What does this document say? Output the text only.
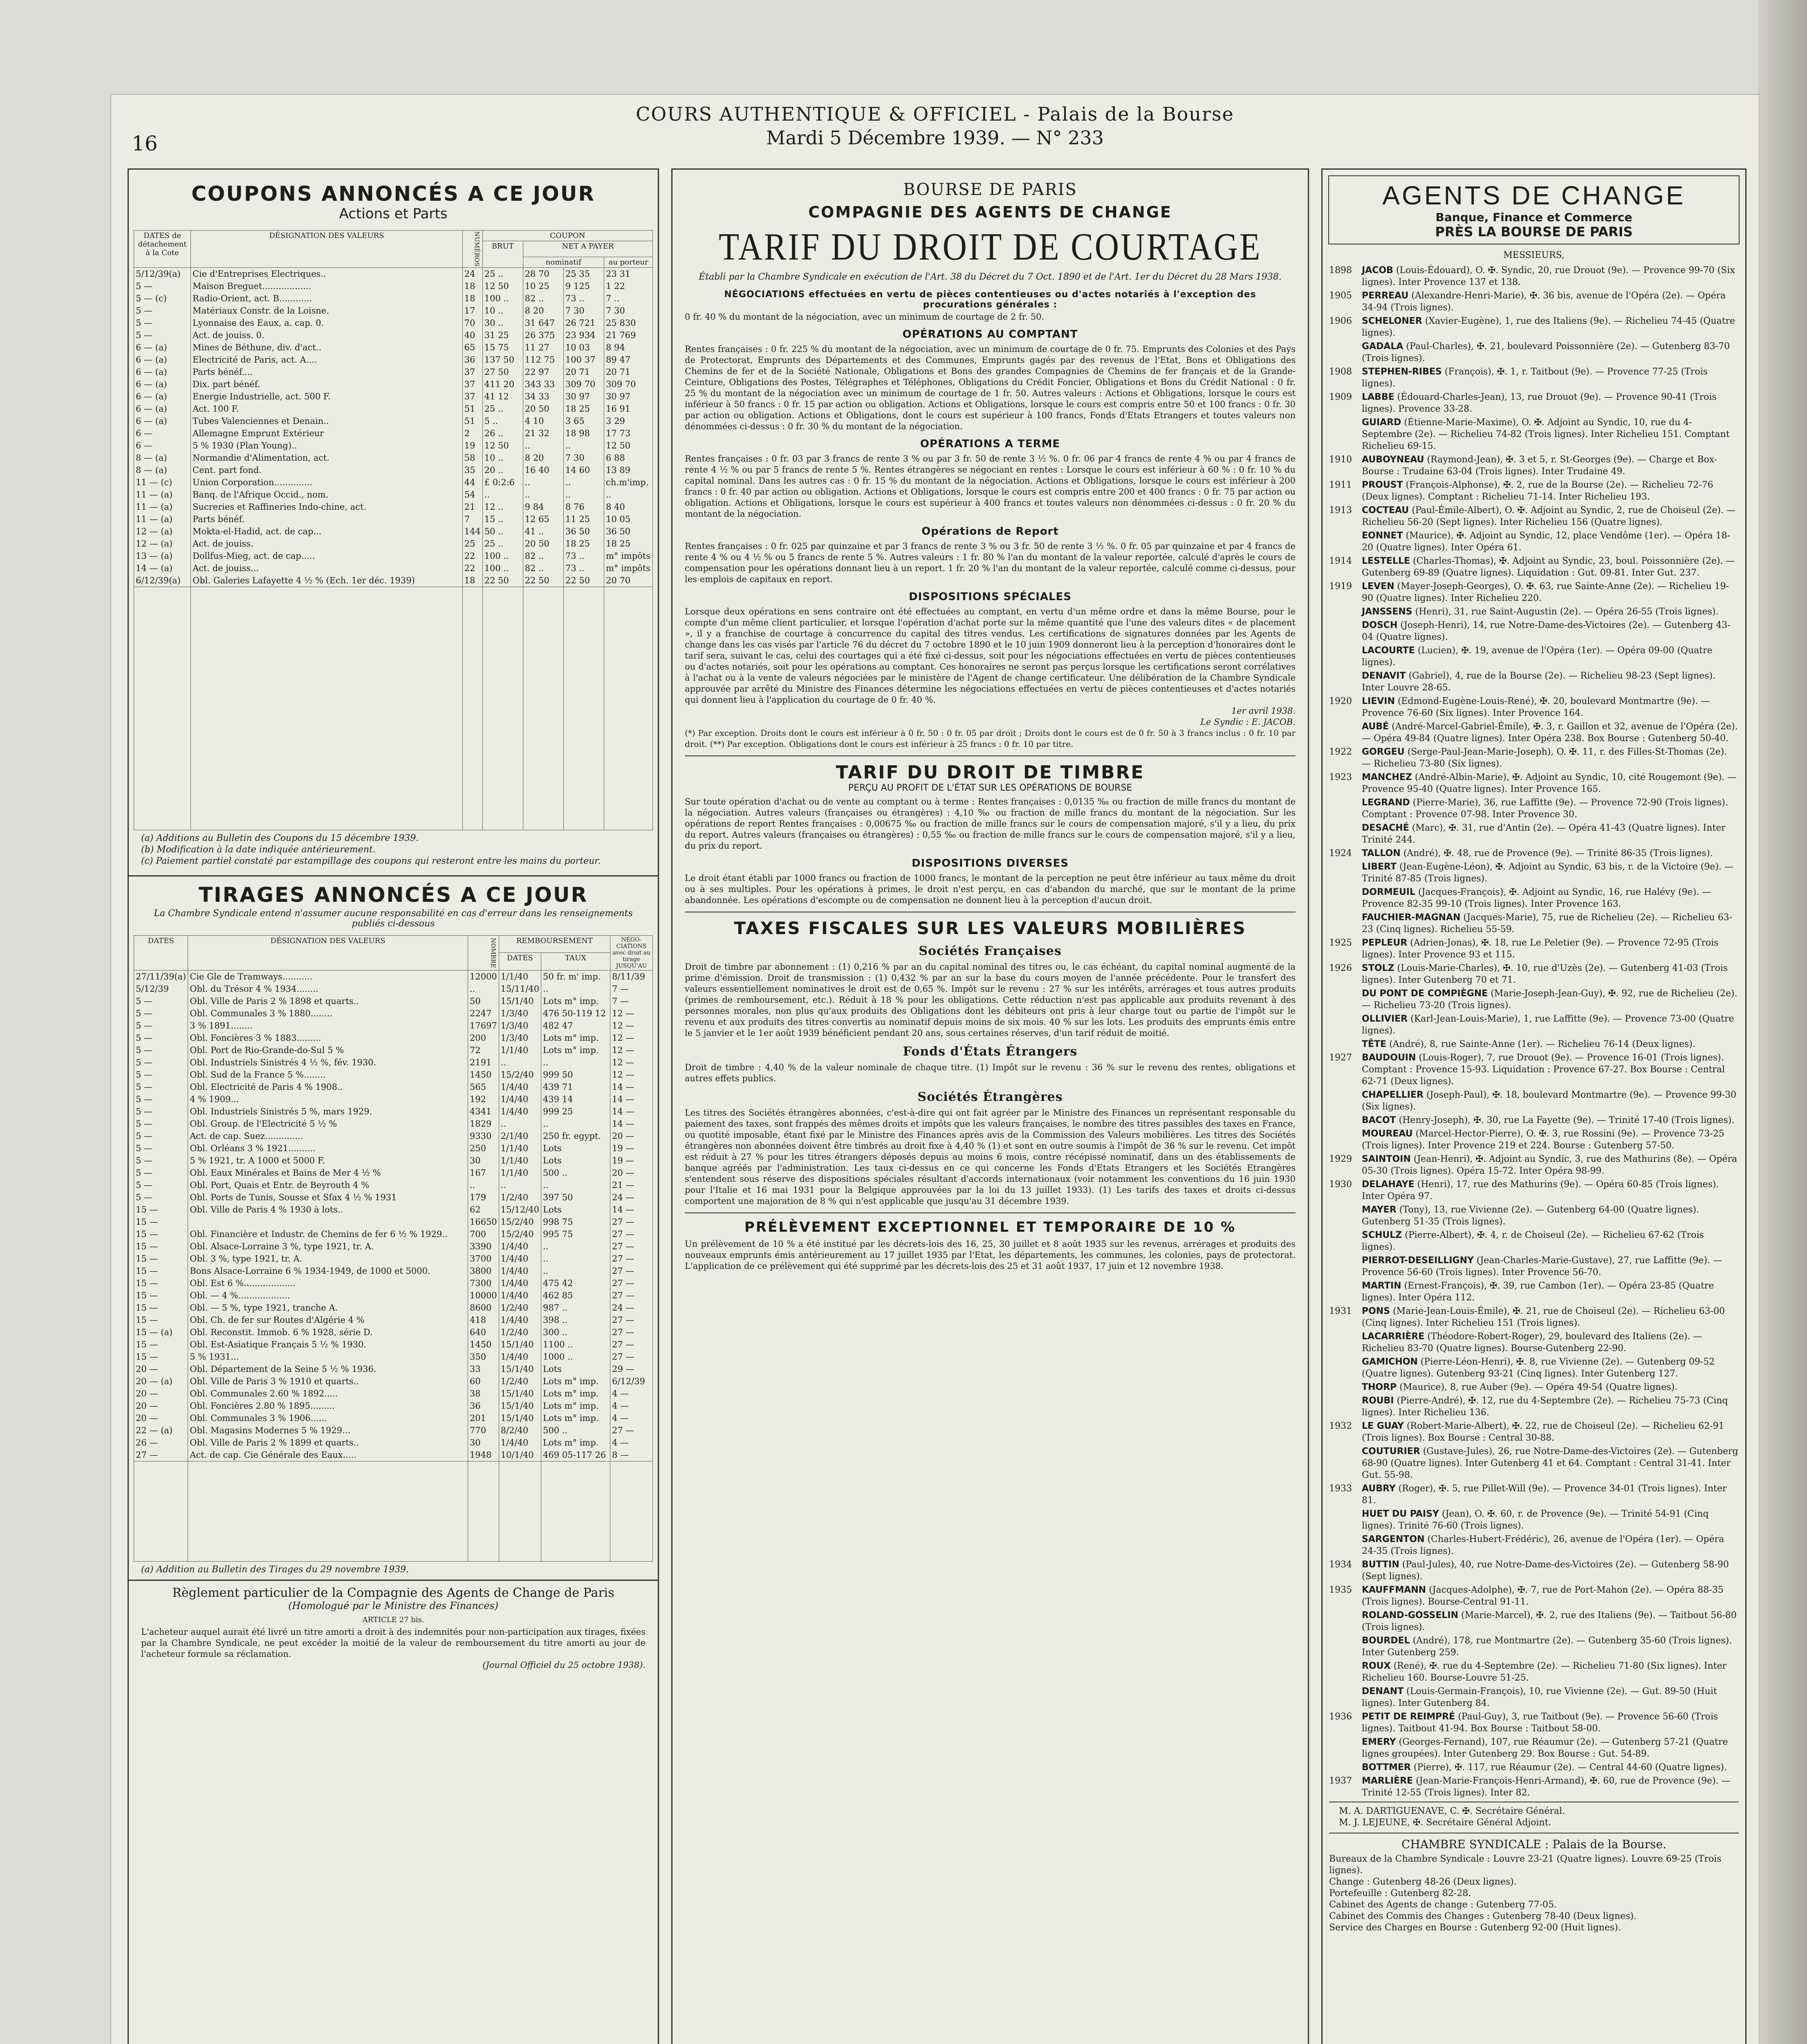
16
COURS AUTHENTIQUE & OFFICIEL - Palais de la Bourse
Mardi 5 Décembre 1939. — N° 233
COUPONS ANNONCÉS A CE JOUR
Actions et Parts
DATES de détachement à la Cote	DÉSIGNATION DES VALEURS	NUMÉROS	COUPON			
			BRUT	NET A PAYER		
				nominatif		au porteur
5/12/39(a)	Cie d'Entreprises Electriques..	24	25 ..	28 70	25 35	23 31
5 —	Maison Breguet..................	18	12 50	10 25	9 125	1 22
5 — (c)	Radio-Orient, act. B............	18	100 ..	82 ..	73 ..	7 ..
5 —	Matériaux Constr. de la Loisne.	17	10 ..	8 20	7 30	7 30
5 —	Lyonnaise des Eaux, a. cap. 0.	70	30 ..	31 647	26 721	25 830
5 —	Act. de jouiss. 0.	40	31 25	26 375	23 934	21 769
6 — (a)	Mines de Béthune, div. d'act..	65	15 75	11 27	10 03	8 94
6 — (a)	Electricité de Paris, act. A....	36	137 50	112 75	100 37	89 47
6 — (a)	Parts bénéf....	37	27 50	22 97	20 71	20 71
6 — (a)	Dix. part bénéf.	37	411 20	343 33	309 70	309 70
6 — (a)	Energie Industrielle, act. 500 F.	37	41 12	34 33	30 97	30 97
6 — (a)	Act. 100 F.	51	25 ..	20 50	18 25	16 91
6 — (a)	Tubes Valenciennes et Denain..	51	5 ..	4 10	3 65	3 29
6 —	Allemagne Emprunt Extérieur	2	26 ..	21 32	18 98	17 73
6 —	5 % 1930 (Plan Young)..	19	12 50	..	..	12 50
8 — (a)	Normandie d'Alimentation, act.	58	10 ..	8 20	7 30	6 88
8 — (a)	Cent. part fond.	35	20 ..	16 40	14 60	13 89
11 — (c)	Union Corporation..............	44	£ 0:2:6	..	..	ch.m'imp.
11 — (a)	Banq. de l'Afrique Occid., nom.	54	..	..	..	..
11 — (a)	Sucreries et Raffineries Indo-chine, act.	21	12 ..	9 84	8 76	8 40
11 — (a)	Parts bénéf.	7	15 ..	12 65	11 25	10 05
12 — (a)	Mokta-el-Hadid, act. de cap...	144	50 ..	41 ..	36 50	36 50
12 — (a)	Act. de jouiss.	25	25 ..	20 50	18 25	18 25
13 — (a)	Dollfus-Mieg, act. de cap.....	22	100 ..	82 ..	73 ..	m° impôts
14 — (a)	Act. de jouiss...	22	100 ..	82 ..	73 ..	m° impôts
6/12/39(a)	Obl. Galeries Lafayette 4 ½ % (Ech. 1er déc. 1939)	18	22 50	22 50	22 50	20 70

(a) Additions au Bulletin des Coupons du 15 décembre 1939.
(b) Modification à la date indiquée antérieurement.
(c) Paiement partiel constaté par estampillage des coupons qui resteront entre les mains du porteur.
TIRAGES ANNONCÉS A CE JOUR
La Chambre Syndicale entend n'assumer aucune responsabilité en cas d'erreur dans les renseignements publiés ci-dessous
DATES	DÉSIGNATION DES VALEURS	NOMBRE	REMBOURSEMENT		NÉGO-CIATIONS avec droit au tirage JUSQU'AU
			DATES	TAUX	
27/11/39(a)	Cie Gle de Tramways...........	12000	1/1/40	50 fr. m' imp.	8/11/39
5/12/39	Obl. du Trésor 4 % 1934........	..	15/11/40	..	7 —
5 —	Obl. Ville de Paris 2 % 1898 et quarts..	50	15/1/40	Lots m° imp.	7 —
5 —	Obl. Communales 3 % 1880........	2247	1/3/40	476 50-119 12	12 —
5 —	3 % 1891........	17697	1/3/40	482 47	12 —
5 —	Obl. Foncières 3 % 1883.........	200	1/3/40	Lots m° imp.	12 —
5 —	Obl. Port de Rio-Grande-do-Sul 5 %	72	1/1/40	Lots m° imp.	12 —
5 —	Obl. Industriels Sinistrés 4 ½ %, fév. 1930.	2191	..	..	12 —
5 —	Obl. Sud de la France 5 %........	1450	15/2/40	999 50	12 —
5 —	Obl. Electricité de Paris 4 % 1908..	565	1/4/40	439 71	14 —
5 —	4 % 1909...	192	1/4/40	439 14	14 —
5 —	Obl. Industriels Sinistrés 5 %, mars 1929.	4341	1/4/40	999 25	14 —
5 —	Obl. Group. de l'Electricité 5 ½ %	1829	..	..	14 —
5 —	Act. de cap. Suez..............	9330	2/1/40	250 fr. egypt.	20 —
5 —	Obl. Orléans 3 % 1921..........	250	1/1/40	Lots	19 —
5 —	5 % 1921, tr. A 1000 et 5000 F.	30	1/1/40	Lots	19 —
5 —	Obl. Eaux Minérales et Bains de Mer 4 ½ %	167	1/1/40	500 ..	20 —
5 —	Obl. Port, Quais et Entr. de Beyrouth 4 %	..	..	..	21 —
5 —	Obl. Ports de Tunis, Sousse et Sfax 4 ½ % 1931	179	1/2/40	397 50	24 —
15 —	Obl. Ville de Paris 4 % 1930 à lots..	62	15/12/40	Lots	14 —
15 —		16650	15/2/40	998 75	27 —
15 —	Obl. Financière et Industr. de Chemins de fer 6 ½ % 1929..	700	15/2/40	995 75	27 —
15 —	Obl. Alsace-Lorraine 3 %, type 1921, tr. A.	3390	1/4/40	..	27 —
15 —	Obl. 3 %, type 1921, tr. A.	3700	1/4/40	..	27 —
15 —	Bons Alsace-Lorraine 6 % 1934-1949, de 1000 et 5000.	3800	1/4/40	..	27 —
15 —	Obl. Est 6 %...................	7300	1/4/40	475 42	27 —
15 —	Obl. — 4 %...................	10000	1/4/40	462 85	27 —
15 —	Obl. — 5 %, type 1921, tranche A.	8600	1/2/40	987 ..	24 —
15 —	Obl. Ch. de fer sur Routes d'Algérie 4 %	418	1/4/40	398 ..	27 —
15 — (a)	Obl. Reconstit. Immob. 6 % 1928, série D.	640	1/2/40	300 ..	27 —
15 —	Obl. Est-Asiatique Français 5 ½ % 1930.	1450	15/1/40	1100 ..	27 —
15 —	5 % 1931...	350	1/4/40	1000 ..	27 —
20 —	Obl. Département de la Seine 5 ½ % 1936.	33	15/1/40	Lots	29 —
20 — (a)	Obl. Ville de Paris 3 % 1910 et quarts..	60	1/2/40	Lots m° imp.	6/12/39
20 —	Obl. Communales 2.60 % 1892.....	38	15/1/40	Lots m° imp.	4 —
20 —	Obl. Foncières 2.80 % 1895.........	36	15/1/40	Lots m° imp.	4 —
20 —	Obl. Communales 3 % 1906......	201	15/1/40	Lots m° imp.	4 —
22 — (a)	Obl. Magasins Modernes 5 % 1929...	770	8/2/40	500 ..	27 —
26 —	Obl. Ville de Paris 2 % 1899 et quarts..	30	1/4/40	Lots m° imp.	4 —
27 —	Act. de cap. Cie Générale des Eaux.....	1948	10/1/40	469 05-117 26	8 —

(a) Addition au Bulletin des Tirages du 29 novembre 1939.
Règlement particulier de la Compagnie des Agents de Change de Paris
(Homologué par le Ministre des Finances)
ARTICLE 27 bis.
L'acheteur auquel aurait été livré un titre amorti a droit à des indemnités pour non-participation aux tirages, fixées par la Chambre Syndicale, ne peut excéder la moitié de la valeur de remboursement du titre amorti au jour de l'acheteur formule sa réclamation.
(Journal Officiel du 25 octobre 1938).
BOURSE DE PARIS
COMPAGNIE DES AGENTS DE CHANGE
TARIF DU DROIT DE COURTAGE
Établi par la Chambre Syndicale en exécution de l'Art. 38 du Décret du 7 Oct. 1890 et de l'Art. 1er du Décret du 28 Mars 1938.
NÉGOCIATIONS effectuées en vertu de pièces contentieuses ou d'actes notariés à l'exception des procurations générales :
0 fr. 40 % du montant de la négociation, avec un minimum de courtage de 2 fr. 50.
OPÉRATIONS AU COMPTANT
Rentes françaises : 0 fr. 225 % du montant de la négociation, avec un minimum de courtage de 0 fr. 75. Emprunts des Colonies et des Pays de Protectorat, Emprunts des Départements et des Communes, Emprunts gagés par des revenus de l'Etat, Bons et Obligations des Chemins de fer et de la Société Nationale, Obligations et Bons des grandes Compagnies de Chemins de fer français et de la Grande-Ceinture, Obligations des Postes, Télégraphes et Téléphones, Obligations du Crédit Foncier, Obligations et Bons du Crédit National : 0 fr. 25 % du montant de la négociation avec un minimum de courtage de 1 fr. 50. Autres valeurs : Actions et Obligations, lorsque le cours est inférieur à 50 francs : 0 fr. 15 par action ou obligation. Actions et Obligations, lorsque le cours est compris entre 50 et 100 francs : 0 fr. 30 par action ou obligation. Actions et Obligations, dont le cours est supérieur à 100 francs, Fonds d'Etats Etrangers et toutes valeurs non dénommées ci-dessus : 0 fr. 30 % du montant de la négociation.
OPÉRATIONS A TERME
Rentes françaises : 0 fr. 03 par 3 francs de rente 3 % ou par 3 fr. 50 de rente 3 ½ %. 0 fr. 06 par 4 francs de rente 4 % ou par 4 francs de rente 4 ½ % ou par 5 francs de rente 5 %. Rentes étrangères se négociant en rentes : Lorsque le cours est inférieur à 60 % : 0 fr. 10 % du capital nominal. Dans les autres cas : 0 fr. 15 % du montant de la négociation. Actions et Obligations, lorsque le cours est inférieur à 200 francs : 0 fr. 40 par action ou obligation. Actions et Obligations, lorsque le cours est compris entre 200 et 400 francs : 0 fr. 75 par action ou obligation. Actions et Obligations, lorsque le cours est supérieur à 400 francs et toutes valeurs non dénommées ci-dessus : 0 fr. 20 % du montant de la négociation.
Opérations de Report
Rentes françaises : 0 fr. 025 par quinzaine et par 3 francs de rente 3 % ou 3 fr. 50 de rente 3 ½ %. 0 fr. 05 par quinzaine et par 4 francs de rente 4 % ou 4 ½ % ou 5 francs de rente 5 %. Autres valeurs : 1 fr. 80 % l'an du montant de la valeur reportée, calculé d'après le cours de compensation pour les opérations donnant lieu à un report. 1 fr. 20 % l'an du montant de la valeur reportée, calculé comme ci-dessus, pour les emplois de capitaux en report.
DISPOSITIONS SPÉCIALES
Lorsque deux opérations en sens contraire ont été effectuées au comptant, en vertu d'un même ordre et dans la même Bourse, pour le compte d'un même client particulier, et lorsque l'opération d'achat porte sur la même quantité que l'une des valeurs dites « de placement », il y a franchise de courtage à concurrence du capital des titres vendus. Les certifications de signatures données par les Agents de change dans les cas visés par l'article 76 du décret du 7 octobre 1890 et le 10 juin 1909 donneront lieu à la perception d'honoraires dont le tarif sera, suivant le cas, celui des courtages qui a été fixé ci-dessus, soit pour les négociations effectuées en vertu de pièces contentieuses ou d'actes notariés, soit pour les opérations au comptant. Ces honoraires ne seront pas perçus lorsque les certifications seront corrélatives à l'achat ou à la vente de valeurs négociées par le ministère de l'Agent de change certificateur. Une délibération de la Chambre Syndicale approuvée par arrêté du Ministre des Finances détermine les négociations effectuées en vertu de pièces contentieuses et d'actes notariés qui donnent lieu à l'application du courtage de 0 fr. 40 %.
1er avril 1938.
Le Syndic : E. JACOB.
(*) Par exception. Droits dont le cours est inférieur à 0 fr. 50 : 0 fr. 05 par droit ; Droits dont le cours est de 0 fr. 50 à 3 francs inclus : 0 fr. 10 par droit. (**) Par exception. Obligations dont le cours est inférieur à 25 francs : 0 fr. 10 par titre.
TARIF DU DROIT DE TIMBRE
PERÇU AU PROFIT DE L'ÉTAT SUR LES OPÉRATIONS DE BOURSE
Sur toute opération d'achat ou de vente au comptant ou à terme : Rentes françaises : 0,0135 ‰ ou fraction de mille francs du montant de la négociation. Autres valeurs (françaises ou étrangères) : 4,10 ‰ ou fraction de mille francs du montant de la négociation. Sur les opérations de report Rentes françaises : 0,00675 ‰ ou fraction de mille francs sur le cours de compensation majoré, s'il y a lieu, du prix du report. Autres valeurs (françaises ou étrangères) : 0,55 ‰ ou fraction de mille francs sur le cours de compensation majoré, s'il y a lieu, du prix du report.
DISPOSITIONS DIVERSES
Le droit étant établi par 1000 francs ou fraction de 1000 francs, le montant de la perception ne peut être inférieur au taux même du droit ou à ses multiples. Pour les opérations à primes, le droit n'est perçu, en cas d'abandon du marché, que sur le montant de la prime abandonnée. Les opérations d'escompte ou de compensation ne donnent lieu à la perception d'aucun droit.
TAXES FISCALES SUR LES VALEURS MOBILIÈRES
Sociétés Françaises
Droit de timbre par abonnement : (1) 0,216 % par an du capital nominal des titres ou, le cas échéant, du capital nominal augmenté de la prime d'émission. Droit de transmission : (1) 0,432 % par an sur la base du cours moyen de l'année précédente. Pour le transfert des valeurs essentiellement nominatives le droit est de 0,65 %. Impôt sur le revenu : 27 % sur les intérêts, arrérages et tous autres produits (primes de remboursement, etc.). Réduit à 18 % pour les obligations. Cette réduction n'est pas applicable aux produits revenant à des personnes morales, non plus qu'aux produits des Obligations dont les débiteurs ont pris à leur charge tout ou partie de l'impôt sur le revenu et aux produits des titres convertis au nominatif depuis moins de six mois. 40 % sur les lots. Les produits des emprunts émis entre le 5 janvier et le 1er août 1939 bénéficient pendant 20 ans, sous certaines réserves, d'un tarif réduit de moitié.
Fonds d'États Étrangers
Droit de timbre : 4,40 % de la valeur nominale de chaque titre. (1) Impôt sur le revenu : 36 % sur le revenu des rentes, obligations et autres effets publics.
Sociétés Étrangères
Les titres des Sociétés étrangères abonnées, c'est-à-dire qui ont fait agréer par le Ministre des Finances un représentant responsable du paiement des taxes, sont frappés des mêmes droits et impôts que les valeurs françaises, le nombre des titres passibles des taxes en France, ou quotité imposable, étant fixé par le Ministre des Finances après avis de la Commission des Valeurs mobilières. Les titres des Sociétés étrangères non abonnées doivent être timbrés au droit fixe à 4,40 % (1) et sont en outre soumis à l'impôt de 36 % sur le revenu. Cet impôt est réduit à 27 % pour les titres étrangers déposés depuis au moins 6 mois, contre récépissé nominatif, dans un des établissements de banque agréés par l'administration. Les taux ci-dessus en ce qui concerne les Fonds d'Etats Etrangers et les Sociétés Etrangères s'entendent sous réserve des dispositions spéciales résultant d'accords internationaux (voir notamment les conventions du 16 juin 1930 pour l'Italie et 16 mai 1931 pour la Belgique approuvées par la loi du 13 juillet 1933). (1) Les tarifs des taxes et droits ci-dessus comportent une majoration de 8 % qui n'est applicable que jusqu'au 31 décembre 1939.
PRÉLÈVEMENT EXCEPTIONNEL ET TEMPORAIRE DE 10 %
Un prélèvement de 10 % a été institué par les décrets-lois des 16, 25, 30 juillet et 8 août 1935 sur les revenus, arrérages et produits des nouveaux emprunts émis antérieurement au 17 juillet 1935 par l'Etat, les départements, les communes, les colonies, pays de protectorat. L'application de ce prélèvement qui été supprimé par les décrets-lois des 25 et 31 août 1937, 17 juin et 12 novembre 1938.
AGENTS DE CHANGE
Banque, Finance et Commerce
PRÈS LA BOURSE DE PARIS
MESSIEURS,
1898 JACOB (Louis-Édouard), O. ✠. Syndic, 20, rue Drouot (9e). — Provence 99-70 (Six lignes). Inter Provence 137 et 138.
1905 PERREAU (Alexandre-Henri-Marie), ✠. 36 bis, avenue de l'Opéra (2e). — Opéra 34-94 (Trois lignes).
1906 SCHELONER (Xavier-Eugène), 1, rue des Italiens (9e). — Richelieu 74-45 (Quatre lignes).
GADALA (Paul-Charles), ✠. 21, boulevard Poissonnière (2e). — Gutenberg 83-70 (Trois lignes).
1908 STEPHEN-RIBES (François), ✠. 1, r. Taitbout (9e). — Provence 77-25 (Trois lignes).
1909 LABBE (Édouard-Charles-Jean), 13, rue Drouot (9e). — Provence 90-41 (Trois lignes). Provence 33-28.
GUIARD (Étienne-Marie-Maxime), O. ✠. Adjoint au Syndic, 10, rue du 4-Septembre (2e). — Richelieu 74-82 (Trois lignes). Inter Richelieu 151. Comptant Richelieu 69-15.
1910 AUBOYNEAU (Raymond-Jean), ✠. 3 et 5, r. St-Georges (9e). — Charge et Box-Bourse : Trudaine 63-04 (Trois lignes). Inter Trudaine 49.
1911 PROUST (François-Alphonse), ✠. 2, rue de la Bourse (2e). — Richelieu 72-76 (Deux lignes). Comptant : Richelieu 71-14. Inter Richelieu 193.
1913 COCTEAU (Paul-Émile-Albert), O. ✠. Adjoint au Syndic, 2, rue de Choiseul (2e). — Richelieu 56-20 (Sept lignes). Inter Richelieu 156 (Quatre lignes).
EONNET (Maurice), ✠. Adjoint au Syndic, 12, place Vendôme (1er). — Opéra 18-20 (Quatre lignes). Inter Opéra 61.
1914 LESTELLE (Charles-Thomas), ✠. Adjoint au Syndic, 23, boul. Poissonnière (2e). — Gutenberg 69-89 (Quatre lignes). Liquidation : Gut. 09-81. Inter Gut. 237.
1919 LEVEN (Mayer-Joseph-Georges), O. ✠. 63, rue Sainte-Anne (2e). — Richelieu 19-90 (Quatre lignes). Inter Richelieu 220.
JANSSENS (Henri), 31, rue Saint-Augustin (2e). — Opéra 26-55 (Trois lignes).
DOSCH (Joseph-Henri), 14, rue Notre-Dame-des-Victoires (2e). — Gutenberg 43-04 (Quatre lignes).
LACOURTE (Lucien), ✠. 19, avenue de l'Opéra (1er). — Opéra 09-00 (Quatre lignes).
DENAVIT (Gabriel), 4, rue de la Bourse (2e). — Richelieu 98-23 (Sept lignes). Inter Louvre 28-65.
1920 LIEVIN (Edmond-Eugène-Louis-René), ✠. 20, boulevard Montmartre (9e). — Provence 76-60 (Six lignes). Inter Provence 164.
AUBÉ (André-Marcel-Gabriel-Émile), ✠. 3, r. Gaillon et 32, avenue de l'Opéra (2e). — Opéra 49-84 (Quatre lignes). Inter Opéra 238. Box Bourse : Gutenberg 50-40.
1922 GORGEU (Serge-Paul-Jean-Marie-Joseph), O. ✠. 11, r. des Filles-St-Thomas (2e). — Richelieu 73-80 (Six lignes).
1923 MANCHEZ (André-Albin-Marie), ✠. Adjoint au Syndic, 10, cité Rougemont (9e). — Provence 95-40 (Quatre lignes). Inter Provence 165.
LEGRAND (Pierre-Marie), 36, rue Laffitte (9e). — Provence 72-90 (Trois lignes). Comptant : Provence 07-98. Inter Provence 30.
DESACHÉ (Marc), ✠. 31, rue d'Antin (2e). — Opéra 41-43 (Quatre lignes). Inter Trinité 244.
1924 TALLON (André), ✠. 48, rue de Provence (9e). — Trinité 86-35 (Trois lignes).
LIBERT (Jean-Eugène-Léon), ✠. Adjoint au Syndic, 63 bis, r. de la Victoire (9e). — Trinité 87-85 (Trois lignes).
DORMEUIL (Jacques-François), ✠. Adjoint au Syndic, 16, rue Halévy (9e). — Provence 82-35 99-10 (Trois lignes). Inter Provence 163.
FAUCHIER-MAGNAN (Jacques-Marie), 75, rue de Richelieu (2e). — Richelieu 63-23 (Cinq lignes). Richelieu 55-59.
1925 PEPLEUR (Adrien-Jonas), ✠. 18, rue Le Peletier (9e). — Provence 72-95 (Trois lignes). Inter Provence 93 et 115.
1926 STOLZ (Louis-Marie-Charles), ✠. 10, rue d'Uzès (2e). — Gutenberg 41-03 (Trois lignes). Inter Gutenberg 70 et 71.
DU PONT DE COMPIÈGNE (Marie-Joseph-Jean-Guy), ✠. 92, rue de Richelieu (2e). — Richelieu 73-20 (Trois lignes).
OLLIVIER (Karl-Jean-Louis-Marie), 1, rue Laffitte (9e). — Provence 73-00 (Quatre lignes).
TÊTE (André), 8, rue Sainte-Anne (1er). — Richelieu 76-14 (Deux lignes).
1927 BAUDOUIN (Louis-Roger), 7, rue Drouot (9e). — Provence 16-01 (Trois lignes). Comptant : Provence 15-93. Liquidation : Provence 67-27. Box Bourse : Central 62-71 (Deux lignes).
CHAPELLIER (Joseph-Paul), ✠. 18, boulevard Montmartre (9e). — Provence 99-30 (Six lignes).
BACOT (Henry-Joseph), ✠. 30, rue La Fayette (9e). — Trinité 17-40 (Trois lignes).
MOUREAU (Marcel-Hector-Pierre), O. ✠. 3, rue Rossini (9e). — Provence 73-25 (Trois lignes). Inter Provence 219 et 224. Bourse : Gutenberg 57-50.
1929 SAINTOIN (Jean-Henri), ✠. Adjoint au Syndic, 3, rue des Mathurins (8e). — Opéra 05-30 (Trois lignes). Opéra 15-72. Inter Opéra 98-99.
1930 DELAHAYE (Henri), 17, rue des Mathurins (9e). — Opéra 60-85 (Trois lignes). Inter Opéra 97.
MAYER (Tony), 13, rue Vivienne (2e). — Gutenberg 64-00 (Quatre lignes). Gutenberg 51-35 (Trois lignes).
SCHULZ (Pierre-Albert), ✠. 4, r. de Choiseul (2e). — Richelieu 67-62 (Trois lignes).
PIERROT-DESEILLIGNY (Jean-Charles-Marie-Gustave), 27, rue Laffitte (9e). — Provence 56-60 (Trois lignes). Inter Provence 56-70.
MARTIN (Ernest-François), ✠. 39, rue Cambon (1er). — Opéra 23-85 (Quatre lignes). Inter Opéra 112.
1931 PONS (Marie-Jean-Louis-Émile), ✠. 21, rue de Choiseul (2e). — Richelieu 63-00 (Cinq lignes). Inter Richelieu 151 (Trois lignes).
LACARRIÈRE (Théodore-Robert-Roger), 29, boulevard des Italiens (2e). — Richelieu 83-70 (Quatre lignes). Bourse-Gutenberg 22-90.
GAMICHON (Pierre-Léon-Henri), ✠. 8, rue Vivienne (2e). — Gutenberg 09-52 (Quatre lignes). Gutenberg 93-21 (Cinq lignes). Inter Gutenberg 127.
THORP (Maurice), 8, rue Auber (9e). — Opéra 49-54 (Quatre lignes).
ROUBI (Pierre-André), ✠. 12, rue du 4-Septembre (2e). — Richelieu 75-73 (Cinq lignes). Inter Richelieu 136.
1932 LE GUAY (Robert-Marie-Albert), ✠. 22, rue de Choiseul (2e). — Richelieu 62-91 (Trois lignes). Box Bourse : Central 30-88.
COUTURIER (Gustave-Jules), 26, rue Notre-Dame-des-Victoires (2e). — Gutenberg 68-90 (Quatre lignes). Inter Gutenberg 41 et 64. Comptant : Central 31-41. Inter Gut. 55-98.
1933 AUBRY (Roger), ✠. 5, rue Pillet-Will (9e). — Provence 34-01 (Trois lignes). Inter 81.
HUET DU PAISY (Jean), O. ✠. 60, r. de Provence (9e). — Trinité 54-91 (Cinq lignes). Trinité 76-60 (Trois lignes).
SARGENTON (Charles-Hubert-Frédéric), 26, avenue de l'Opéra (1er). — Opéra 24-35 (Trois lignes).
1934 BUTTIN (Paul-Jules), 40, rue Notre-Dame-des-Victoires (2e). — Gutenberg 58-90 (Sept lignes).
1935 KAUFFMANN (Jacques-Adolphe), ✠. 7, rue de Port-Mahon (2e). — Opéra 88-35 (Trois lignes). Bourse-Central 91-11.
ROLAND-GOSSELIN (Marie-Marcel), ✠. 2, rue des Italiens (9e). — Taitbout 56-80 (Trois lignes).
BOURDEL (André), 178, rue Montmartre (2e). — Gutenberg 35-60 (Trois lignes). Inter Gutenberg 259.
ROUX (René), ✠. rue du 4-Septembre (2e). — Richelieu 71-80 (Six lignes). Inter Richelieu 160. Bourse-Louvre 51-25.
DENANT (Louis-Germain-François), 10, rue Vivienne (2e). — Gut. 89-50 (Huit lignes). Inter Gutenberg 84.
1936 PETIT DE REIMPRÉ (Paul-Guy), 3, rue Taitbout (9e). — Provence 56-60 (Trois lignes). Taitbout 41-94. Box Bourse : Taitbout 58-00.
EMERY (Georges-Fernand), 107, rue Réaumur (2e). — Gutenberg 57-21 (Quatre lignes groupées). Inter Gutenberg 29. Box Bourse : Gut. 54-89.
BOTTMER (Pierre), ✠. 117, rue Réaumur (2e). — Central 44-60 (Quatre lignes).
1937 MARLIÈRE (Jean-Marie-François-Henri-Armand), ✠. 60, rue de Provence (9e). — Trinité 12-55 (Trois lignes). Inter 82.
M. A. DARTIGUENAVE, C. ✠. Secrétaire Général.
M. J. LEJEUNE, ✠. Secrétaire Général Adjoint.
CHAMBRE SYNDICALE : Palais de la Bourse.
Bureaux de la Chambre Syndicale : Louvre 23-21 (Quatre lignes). Louvre 69-25 (Trois lignes).
Change : Gutenberg 48-26 (Deux lignes).
Portefeuille : Gutenberg 82-28.
Cabinet des Agents de change : Gutenberg 77-05.
Cabinet des Commis des Changes : Gutenberg 78-40 (Deux lignes).
Service des Charges en Bourse : Gutenberg 92-00 (Huit lignes).
